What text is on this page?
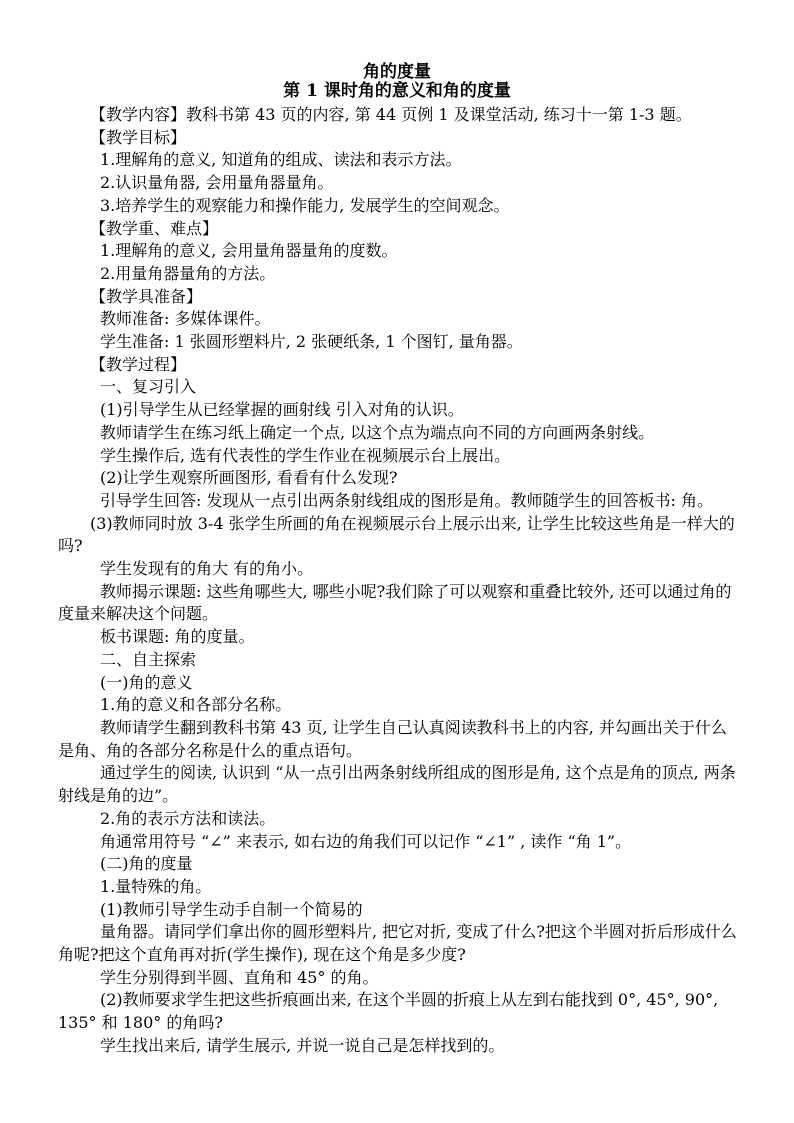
角的度量
第 1 课时角的意义和角的度量

【教学内容】教科书第 43 页的内容, 第 44 页例 1 及课堂活动, 练习十一第 1-3 题。

【教学目标】

1.理解角的意义, 知道角的组成、读法和表示方法。

2.认识量角器, 会用量角器量角。

3.培养学生的观察能力和操作能力, 发展学生的空间观念。

【教学重、难点】

1.理解角的意义, 会用量角器量角的度数。

2.用量角器量角的方法。

【教学具准备】

教师准备: 多媒体课件。

学生准备: 1 张圆形塑料片, 2 张硬纸条, 1 个图钉, 量角器。

【教学过程】

一、复习引入

(1)引导学生从已经掌握的画射线 引入对角的认识。

教师请学生在练习纸上确定一个点, 以这个点为端点向不同的方向画两条射线。

学生操作后, 选有代表性的学生作业在视频展示台上展出。

(2)让学生观察所画图形, 看看有什么发现?

引导学生回答: 发现从一点引出两条射线组成的图形是角。教师随学生的回答板书: 角。

(3)教师同时放 3-4 张学生所画的角在视频展示台上展示出来, 让学生比较这些角是一样大的吗?

学生发现有的角大 有的角小。

教师揭示课题: 这些角哪些大, 哪些小呢?我们除了可以观察和重叠比较外, 还可以通过角的度量来解决这个问题。

板书课题: 角的度量。

二、自主探索

(一)角的意义

1.角的意义和各部分名称。

教师请学生翻到教科书第 43 页, 让学生自己认真阅读教科书上的内容, 并勾画出关于什么是角、角的各部分名称是什么的重点语句。

通过学生的阅读, 认识到 “从一点引出两条射线所组成的图形是角, 这个点是角的顶点, 两条射线是角的边”。

2.角的表示方法和读法。

角通常用符号 “∠” 来表示, 如右边的角我们可以记作 “∠1” , 读作 “角 1”。

(二)角的度量

1.量特殊的角。

(1)教师引导学生动手自制一个简易的

量角器。请同学们拿出你的圆形塑料片, 把它对折, 变成了什么?把这个半圆对折后形成什么角呢?把这个直角再对折(学生操作), 现在这个角是多少度?

学生分别得到半圆、直角和 45° 的角。

(2)教师要求学生把这些折痕画出来, 在这个半圆的折痕上从左到右能找到 0°, 45°, 90°, 135° 和 180° 的角吗?

学生找出来后, 请学生展示, 并说一说自己是怎样找到的。
